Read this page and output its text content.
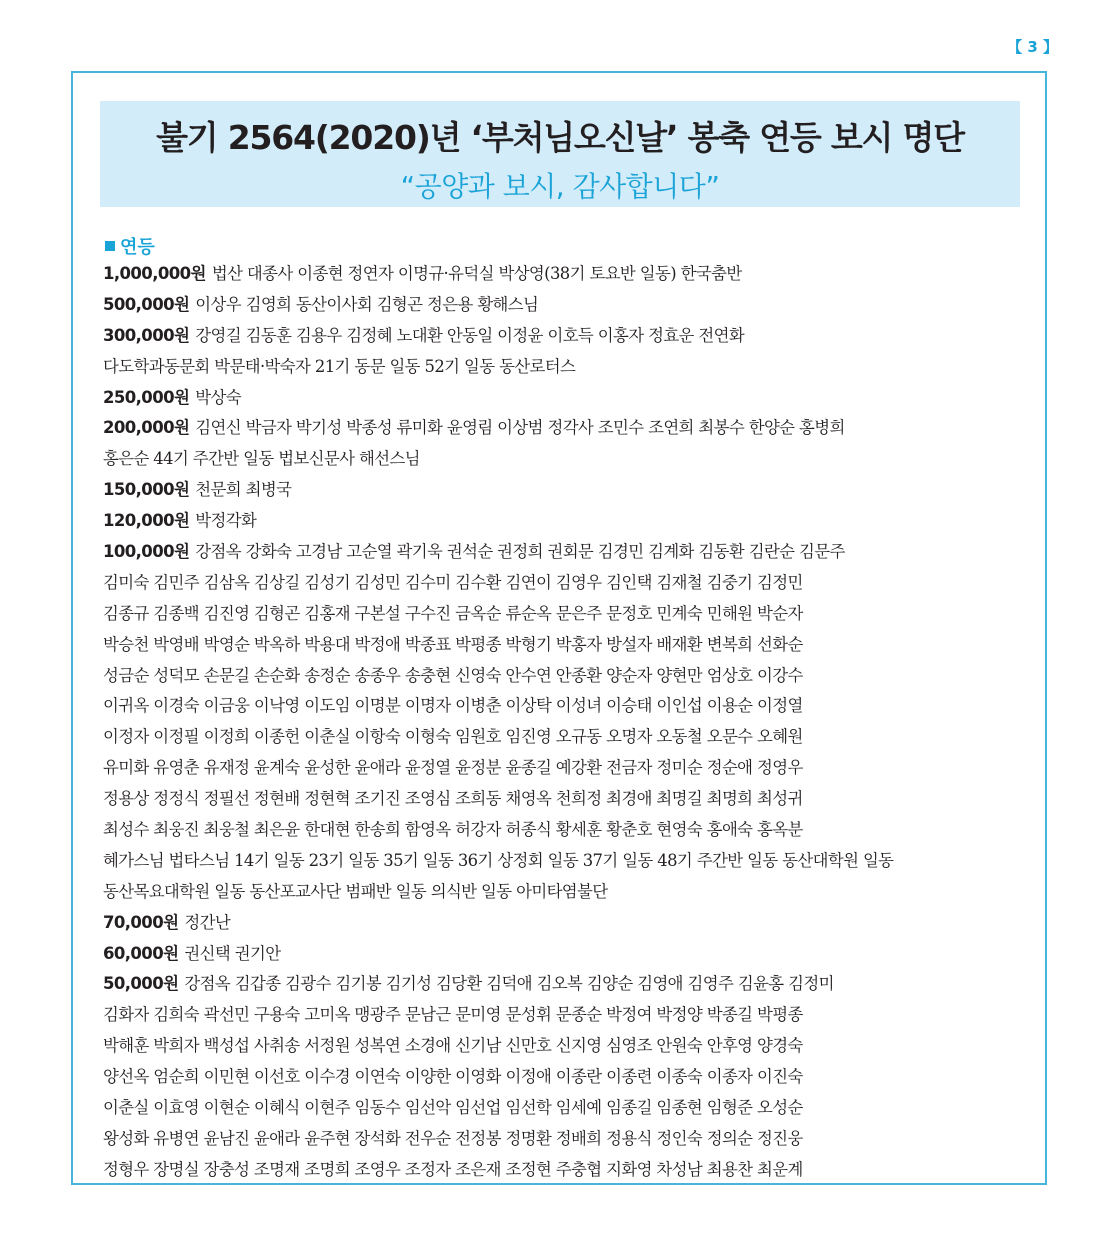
【 3 】
불기 2564(2020)년 ‘부처님오신날’ 봉축 연등 보시 명단
“공양과 보시, 감사합니다”
연등
1,000,000원 법산 대종사 이종현 정연자 이명규·유덕실 박상영(38기 토요반 일동) 한국춤반
500,000원 이상우 김영희 동산이사회 김형곤 정은용 황해스님
300,000원 강영길 김동훈 김용우 김정혜 노대환 안동일 이정윤 이호득 이홍자 정효운 전연화
다도학과동문회 박문태·박숙자 21기 동문 일동 52기 일동 동산로터스
250,000원 박상숙
200,000원 김연신 박금자 박기성 박종성 류미화 윤영림 이상범 정각사 조민수 조연희 최봉수 한양순 홍병희
홍은순 44기 주간반 일동 법보신문사 해선스님
150,000원 천문희 최병국
120,000원 박정각화
100,000원 강점옥 강화숙 고경남 고순열 곽기욱 권석순 권정희 권회문 김경민 김계화 김동환 김란순 김문주
김미숙 김민주 김삼옥 김상길 김성기 김성민 김수미 김수환 김연이 김영우 김인택 김재철 김중기 김정민
김종규 김종백 김진영 김형곤 김홍재 구본설 구수진 금옥순 류순옥 문은주 문정호 민계숙 민해원 박순자
박승천 박영배 박영순 박옥하 박용대 박정애 박종표 박평종 박형기 박홍자 방설자 배재환 변복희 선화순
성금순 성덕모 손문길 손순화 송정순 송종우 송충현 신영숙 안수연 안종환 양순자 양현만 엄상호 이강수
이귀옥 이경숙 이금웅 이낙영 이도임 이명분 이명자 이병춘 이상탁 이성녀 이승태 이인섭 이용순 이정열
이정자 이정필 이정희 이종헌 이춘실 이항숙 이형숙 임원호 임진영 오규동 오명자 오동철 오문수 오혜원
유미화 유영춘 유재정 윤계숙 윤성한 윤애라 윤정열 윤정분 윤종길 예강환 전금자 정미순 정순애 정영우
정용상 정정식 정필선 정현배 정현혁 조기진 조영심 조희동 채영옥 천희정 최경애 최명길 최명희 최성귀
최성수 최웅진 최웅철 최은윤 한대현 한송희 함영옥 허강자 허종식 황세훈 황춘호 현영숙 홍애숙 홍옥분
혜가스님 법타스님 14기 일동 23기 일동 35기 일동 36기 상정회 일동 37기 일동 48기 주간반 일동 동산대학원 일동
동산목요대학원 일동 동산포교사단 범패반 일동 의식반 일동 아미타염불단
70,000원 정간난
60,000원 권신택 권기안
50,000원 강점옥 김갑종 김광수 김기봉 김기성 김당환 김덕애 김오복 김양순 김영애 김영주 김윤홍 김정미
김화자 김희숙 곽선민 구용숙 고미옥 맹광주 문남근 문미영 문성휘 문종순 박정여 박정양 박종길 박평종
박해훈 박희자 백성섭 사취송 서정원 성복연 소경애 신기남 신만호 신지영 심영조 안원숙 안후영 양경숙
양선옥 엄순희 이민현 이선호 이수경 이연숙 이양한 이영화 이정애 이종란 이종련 이종숙 이종자 이진숙
이춘실 이효영 이현순 이혜식 이현주 임동수 임선악 임선업 임선학 임세예 임종길 임종현 임형준 오성순
왕성화 유병연 윤남진 윤애라 윤주현 장석화 전우순 전정봉 정명환 정배희 정용식 정인숙 정의순 정진웅
정형우 장명실 장충성 조명재 조명희 조영우 조정자 조은재 조정현 주충협 지화영 차성남 최용찬 최운계
